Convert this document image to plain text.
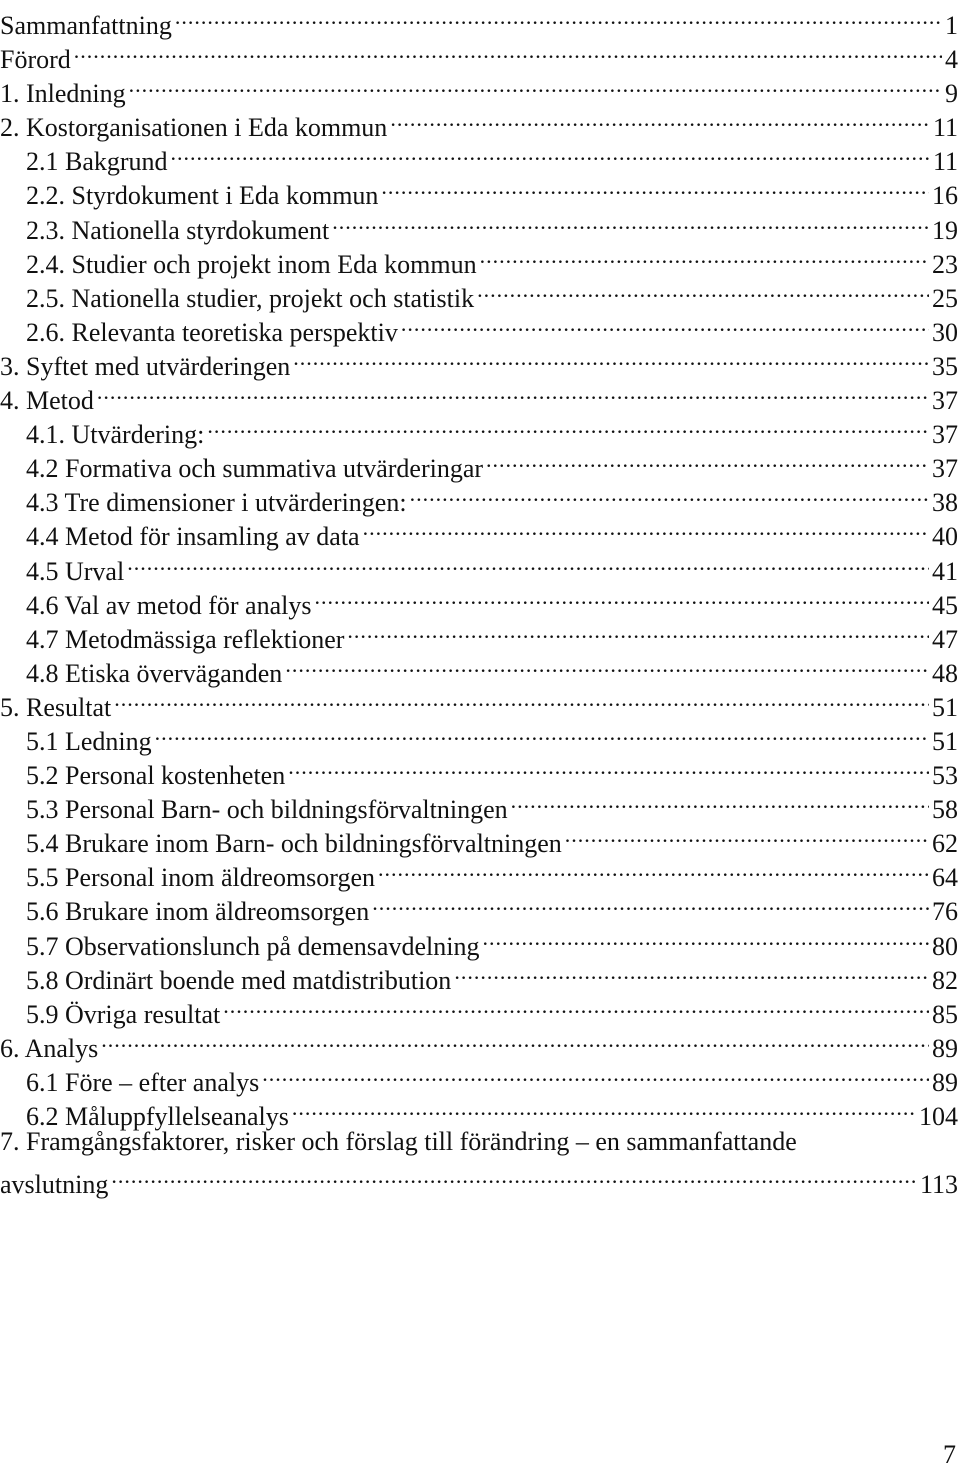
Sammanfattning .....	1
Förord .....	4
1. Inledning .....	9
2. Kostorganisationen i Eda kommun .....	11
2.1 Bakgrund .....	11
2.2. Styrdokument i Eda kommun .....	16
2.3. Nationella styrdokument .....	19
2.4. Studier och projekt inom Eda kommun .....	23
2.5. Nationella studier, projekt och statistik .....	25
2.6. Relevanta teoretiska perspektiv .....	30
3. Syftet med utvärderingen .....	35
4. Metod .....	37
4.1. Utvärdering: .....	37
4.2 Formativa och summativa utvärderingar .....	37
4.3 Tre dimensioner i utvärderingen: .....	38
4.4 Metod för insamling av data .....	40
4.5 Urval .....	41
4.6 Val av metod för analys .....	45
4.7 Metodmässiga reflektioner .....	47
4.8 Etiska överväganden .....	48
5. Resultat .....	51
5.1 Ledning .....	51
5.2 Personal kostenheten .....	53
5.3 Personal Barn- och bildningsförvaltningen .....	58
5.4 Brukare inom Barn- och bildningsförvaltningen .....	62
5.5 Personal inom äldreomsorgen .....	64
5.6 Brukare inom äldreomsorgen .....	76
5.7 Observationslunch på demensavdelning .....	80
5.8 Ordinärt boende med matdistribution .....	82
5.9 Övriga resultat .....	85
6. Analys .....	89
6.1 Före – efter analys .....	89
6.2 Måluppfyllelseanalys .....	104
7. Framgångsfaktorer, risker och förslag till förändring – en sammanfattande
avslutning .....	113
7
